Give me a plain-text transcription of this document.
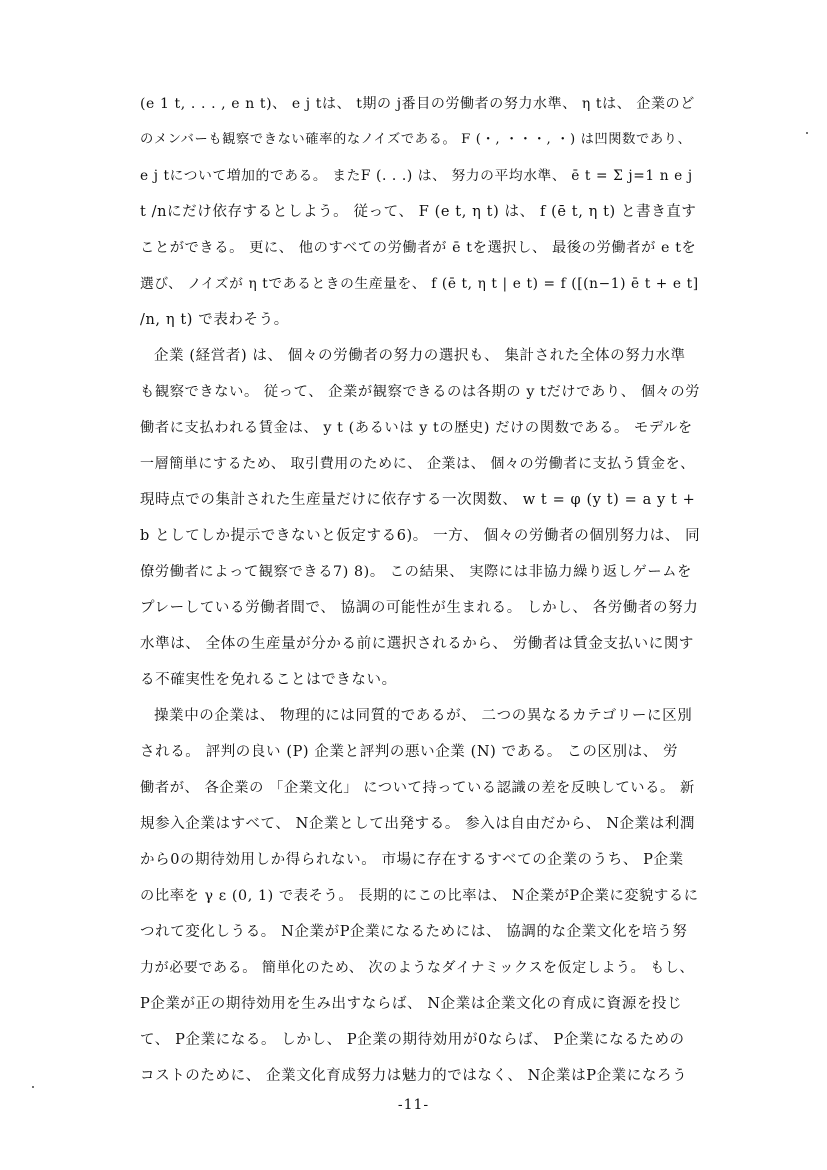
(e 1 t, . . . , e n t)、 e j tは、 t期の j番目の労働者の努力水準、 η tは、 企業のど
のメンバーも観察できない確率的なノイズである。 F (・, ・・・, ・) は凹関数であり、
e j tについて増加的である。 またF (. . .) は、 努力の平均水準、 ē t = Σ j=1 n e j
t /nにだけ依存するとしよう。 従って、 F (e t, η t) は、 f (ē t, η t) と書き直す
ことができる。 更に、 他のすべての労働者が ē tを選択し、 最後の労働者が e tを
選び、 ノイズが η tであるときの生産量を、 f (ē t, η t | e t) = f ([(n−1) ē t + e t]
/n, η t) で表わそう。
企業 (経営者) は、 個々の労働者の努力の選択も、 集計された全体の努力水準
も観察できない。 従って、 企業が観察できるのは各期の y tだけであり、 個々の労
働者に支払われる賃金は、 y t (あるいは y tの歴史) だけの関数である。 モデルを
一層簡単にするため、 取引費用のために、 企業は、 個々の労働者に支払う賃金を、
現時点での集計された生産量だけに依存する一次関数、 w t = φ (y t) = a y t +
b としてしか提示できないと仮定する6)。 一方、 個々の労働者の個別努力は、 同
僚労働者によって観察できる7) 8)。 この結果、 実際には非協力繰り返しゲームを
プレーしている労働者間で、 協調の可能性が生まれる。 しかし、 各労働者の努力
水準は、 全体の生産量が分かる前に選択されるから、 労働者は賃金支払いに関す
る不確実性を免れることはできない。
操業中の企業は、 物理的には同質的であるが、 二つの異なるカテゴリーに区別
される。 評判の良い (P) 企業と評判の悪い企業 (N) である。 この区別は、 労
働者が、 各企業の 「企業文化」 について持っている認識の差を反映している。 新
規参入企業はすべて、 N企業として出発する。 参入は自由だから、 N企業は利潤
から0の期待効用しか得られない。 市場に存在するすべての企業のうち、 P企業
の比率を γ ε (0, 1) で表そう。 長期的にこの比率は、 N企業がP企業に変貌するに
つれて変化しうる。 N企業がP企業になるためには、 協調的な企業文化を培う努
力が必要である。 簡単化のため、 次のようなダイナミックスを仮定しよう。 もし、
P企業が正の期待効用を生み出すならば、 N企業は企業文化の育成に資源を投じ
て、 P企業になる。 しかし、 P企業の期待効用が0ならば、 P企業になるための
コストのために、 企業文化育成努力は魅力的ではなく、 N企業はP企業になろう
-11-
